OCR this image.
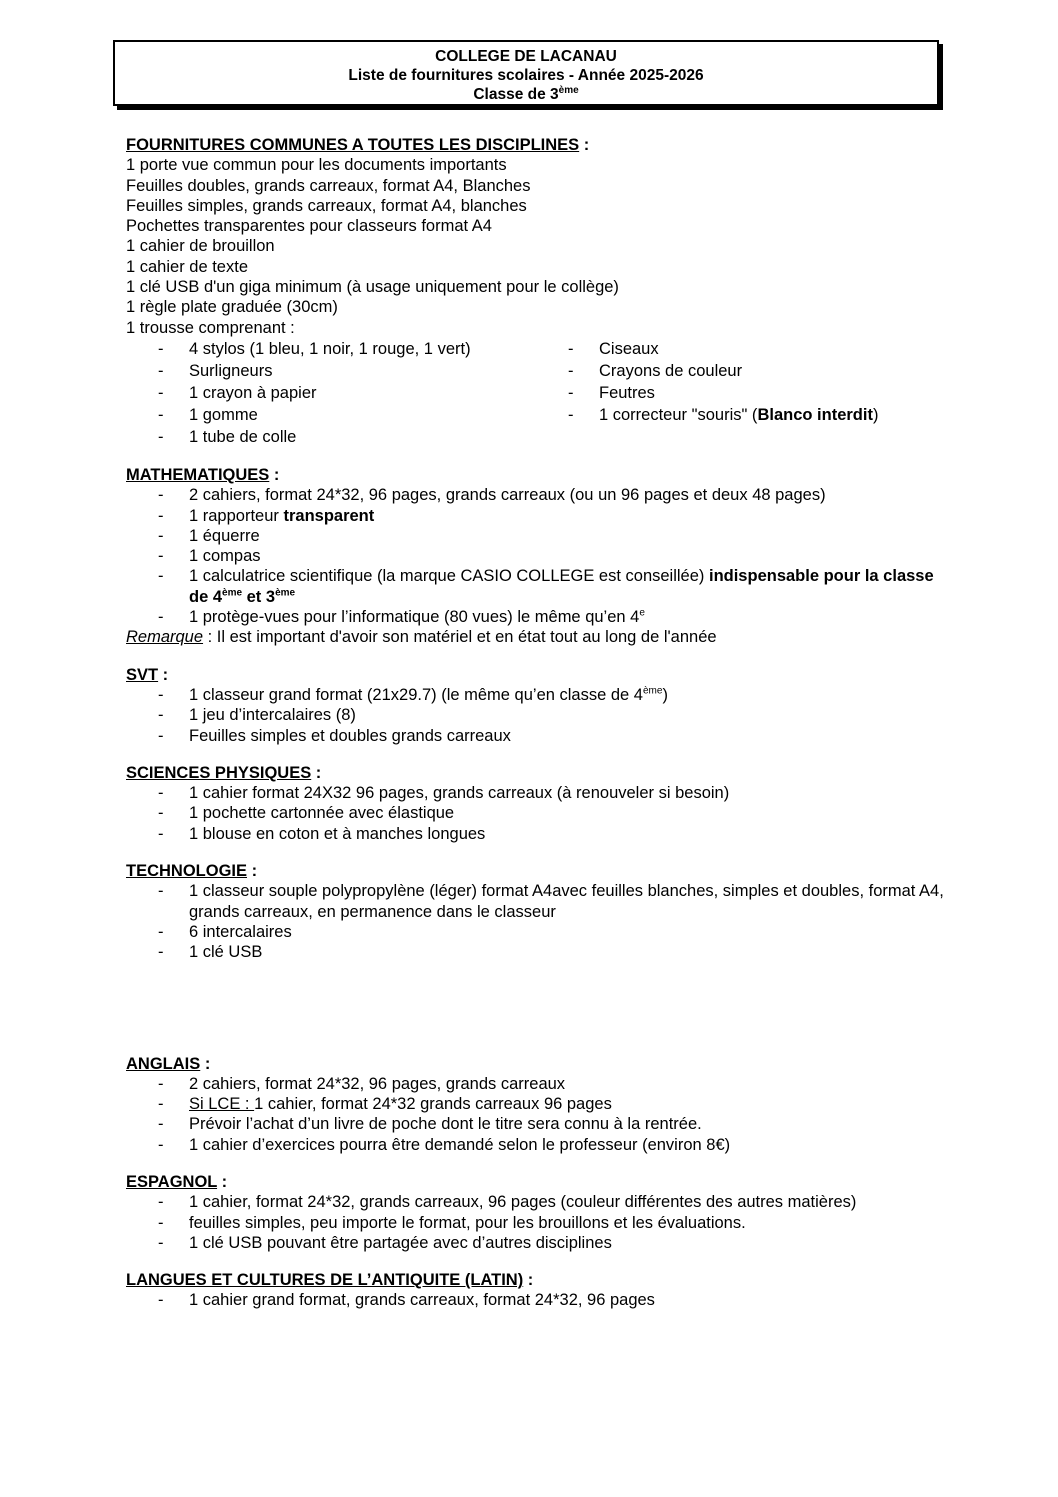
COLLEGE DE LACANAU
Liste de fournitures scolaires - Année 2025-2026
Classe de 3ème
FOURNITURES COMMUNES A TOUTES LES DISCIPLINES :
1 porte vue commun pour les documents importants
Feuilles doubles, grands carreaux, format A4, Blanches
Feuilles simples, grands carreaux, format A4, blanches
Pochettes transparentes pour classeurs format A4
1 cahier de brouillon
1 cahier de texte
1 clé USB d'un giga minimum (à usage uniquement pour le collège)
1 règle plate graduée (30cm)
1 trousse comprenant :
- 4 stylos (1 bleu, 1 noir, 1 rouge, 1 vert)
- Surligneurs
- 1 crayon à papier
- 1 gomme
- 1 tube de colle
- Ciseaux
- Crayons de couleur
- Feutres
- 1 correcteur "souris" (Blanco interdit)
MATHEMATIQUES :
- 2 cahiers, format 24*32, 96 pages, grands carreaux (ou un 96 pages et deux 48 pages)
- 1 rapporteur transparent
- 1 équerre
- 1 compas
- 1 calculatrice scientifique (la marque CASIO COLLEGE est conseillée) indispensable pour la classe de 4ème et 3ème
- 1 protège-vues pour l’informatique (80 vues) le même qu’en 4e
Remarque : Il est important d'avoir son matériel et en état tout au long de l'année
SVT :
- 1 classeur grand format (21x29.7) (le même qu’en classe de 4ème)
- 1 jeu d’intercalaires (8)
- Feuilles simples et doubles grands carreaux
SCIENCES PHYSIQUES :
- 1 cahier format 24X32 96 pages, grands carreaux (à renouveler si besoin)
- 1 pochette cartonnée avec élastique
- 1 blouse en coton et à manches longues
TECHNOLOGIE :
- 1 classeur souple polypropylène (léger) format A4avec feuilles blanches, simples et doubles, format A4, grands carreaux, en permanence dans le classeur
- 6 intercalaires
- 1 clé USB
ANGLAIS :
- 2 cahiers, format 24*32, 96 pages, grands carreaux
- Si LCE : 1 cahier, format 24*32 grands carreaux 96 pages
- Prévoir l’achat d’un livre de poche dont le titre sera connu à la rentrée.
- 1 cahier d’exercices pourra être demandé selon le professeur (environ 8€)
ESPAGNOL :
- 1 cahier, format 24*32, grands carreaux, 96 pages (couleur différentes des autres matières)
- feuilles simples, peu importe le format, pour les brouillons et les évaluations.
- 1 clé USB pouvant être partagée avec d’autres disciplines
LANGUES ET CULTURES DE L’ANTIQUITE (LATIN) :
- 1 cahier grand format, grands carreaux, format 24*32, 96 pages
